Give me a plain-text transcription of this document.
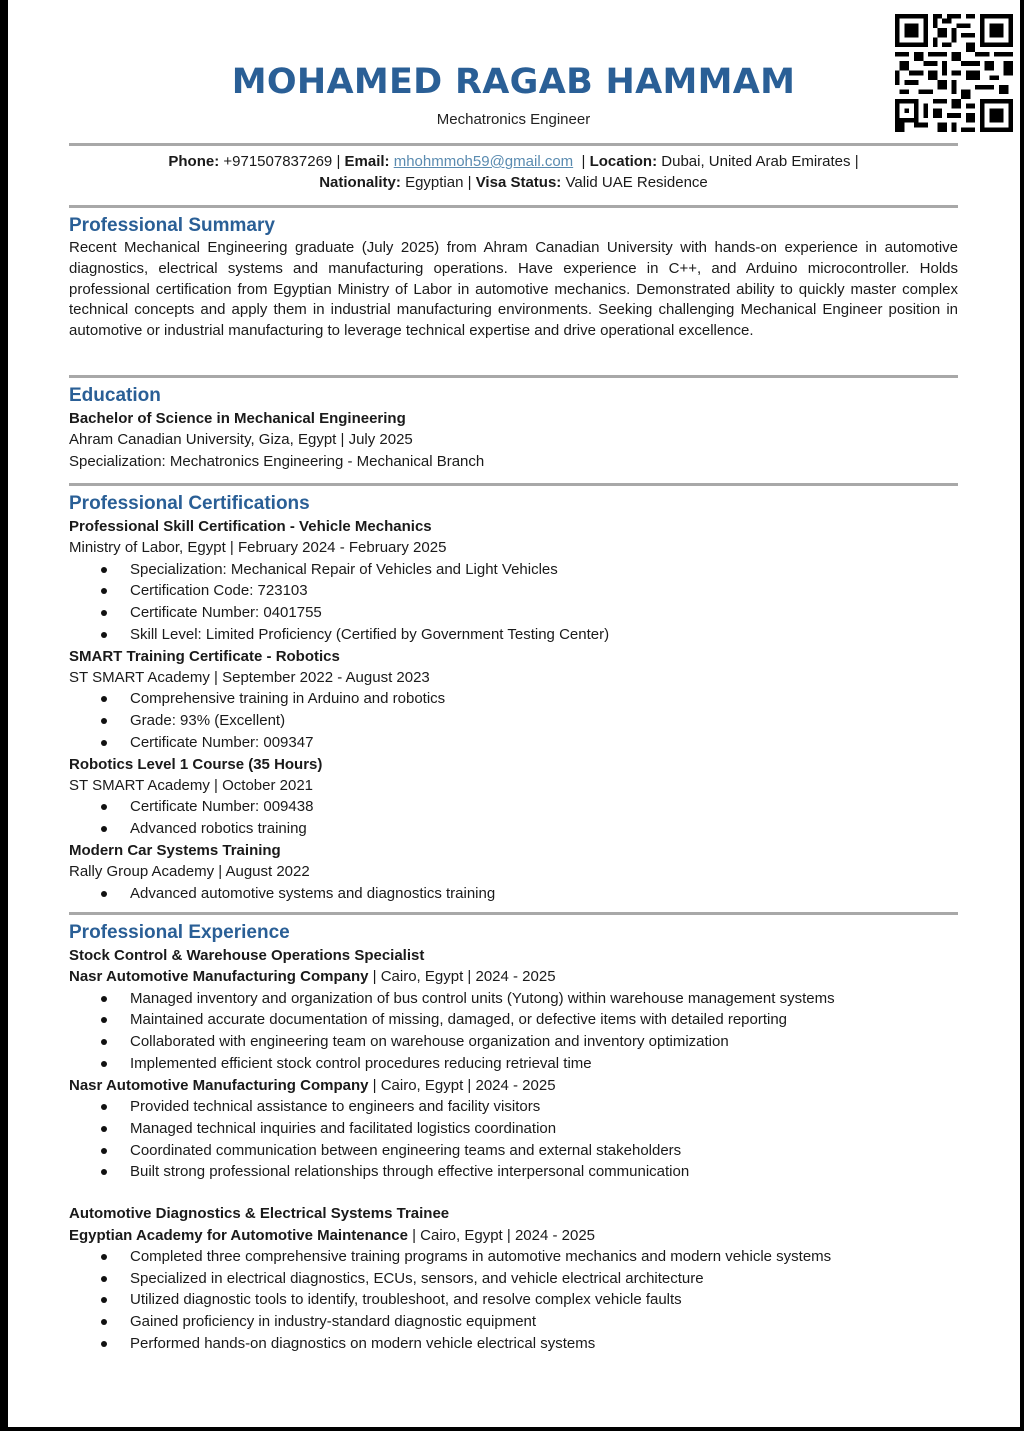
MOHAMED RAGAB HAMMAM
Mechatronics Engineer
Phone: +971507837269 | Email: mhohmmoh59@gmail.com | Location: Dubai, United Arab Emirates |
Nationality: Egyptian | Visa Status: Valid UAE Residence
Professional Summary

Recent Mechanical Engineering graduate (July 2025) from Ahram Canadian University with hands-on experience in automotive diagnostics, electrical systems and manufacturing operations. Have experience in C++, and Arduino microcontroller. Holds professional certification from Egyptian Ministry of Labor in automotive mechanics. Demonstrated ability to quickly master complex technical concepts and apply them in industrial manufacturing environments. Seeking challenging Mechanical Engineer position in automotive or industrial manufacturing to leverage technical expertise and drive operational excellence.

Education

Bachelor of Science in Mechanical Engineering

Ahram Canadian University, Giza, Egypt | July 2025

Specialization: Mechatronics Engineering - Mechanical Branch

Professional Certifications

Professional Skill Certification - Vehicle Mechanics

Ministry of Labor, Egypt | February 2024 - February 2025

Specialization: Mechanical Repair of Vehicles and Light Vehicles
Certification Code: 723103
Certificate Number: 0401755
Skill Level: Limited Proficiency (Certified by Government Testing Center)

SMART Training Certificate - Robotics

ST SMART Academy | September 2022 - August 2023

Comprehensive training in Arduino and robotics
Grade: 93% (Excellent)
Certificate Number: 009347

Robotics Level 1 Course (35 Hours)

ST SMART Academy | October 2021

Certificate Number: 009438
Advanced robotics training

Modern Car Systems Training

Rally Group Academy | August 2022

Advanced automotive systems and diagnostics training
Professional Experience

Stock Control & Warehouse Operations Specialist

Nasr Automotive Manufacturing Company | Cairo, Egypt | 2024 - 2025

Managed inventory and organization of bus control units (Yutong) within warehouse management systems
Maintained accurate documentation of missing, damaged, or defective items with detailed reporting
Collaborated with engineering team on warehouse organization and inventory optimization
Implemented efficient stock control procedures reducing retrieval time

Nasr Automotive Manufacturing Company | Cairo, Egypt | 2024 - 2025

Provided technical assistance to engineers and facility visitors
Managed technical inquiries and facilitated logistics coordination
Coordinated communication between engineering teams and external stakeholders
Built strong professional relationships through effective interpersonal communication

Automotive Diagnostics & Electrical Systems Trainee

Egyptian Academy for Automotive Maintenance | Cairo, Egypt | 2024 - 2025

Completed three comprehensive training programs in automotive mechanics and modern vehicle systems
Specialized in electrical diagnostics, ECUs, sensors, and vehicle electrical architecture
Utilized diagnostic tools to identify, troubleshoot, and resolve complex vehicle faults
Gained proficiency in industry-standard diagnostic equipment
Performed hands-on diagnostics on modern vehicle electrical systems
